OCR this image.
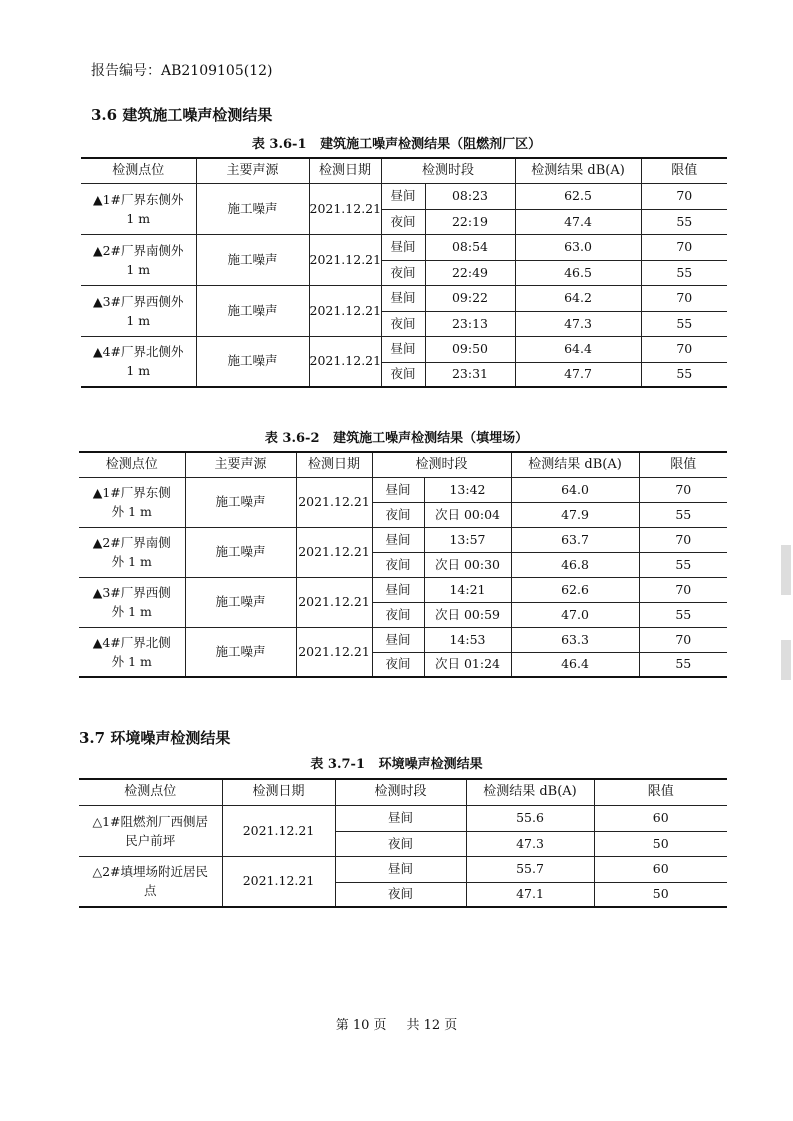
报告编号：AB2109105(12)
3.6 建筑施工噪声检测结果
表 3.6-1 建筑施工噪声检测结果（阻燃剂厂区）
检测点位	主要声源	检测日期	检测时段		检测结果 dB(A)	限值

▲1#厂界东侧外
1 m	施工噪声	2021.12.21	昼间	08:23	62.5	70
			夜间	22:19	47.4	55

▲2#厂界南侧外
1 m	施工噪声	2021.12.21	昼间	08:54	63.0	70
			夜间	22:49	46.5	55

▲3#厂界西侧外
1 m	施工噪声	2021.12.21	昼间	09:22	64.2	70
			夜间	23:13	47.3	55

▲4#厂界北侧外
1 m	施工噪声	2021.12.21	昼间	09:50	64.4	70
			夜间	23:31	47.7	55
表 3.6-2 建筑施工噪声检测结果（填埋场）
检测点位	主要声源	检测日期	检测时段		检测结果 dB(A)	限值

▲1#厂界东侧
外 1 m	施工噪声	2021.12.21	昼间	13:42	64.0	70
			夜间	次日 00:04	47.9	55

▲2#厂界南侧
外 1 m	施工噪声	2021.12.21	昼间	13:57	63.7	70
			夜间	次日 00:30	46.8	55

▲3#厂界西侧
外 1 m	施工噪声	2021.12.21	昼间	14:21	62.6	70
			夜间	次日 00:59	47.0	55

▲4#厂界北侧
外 1 m	施工噪声	2021.12.21	昼间	14:53	63.3	70
			夜间	次日 01:24	46.4	55
3.7 环境噪声检测结果
表 3.7-1 环境噪声检测结果
检测点位	检测日期	检测时段	检测结果 dB(A)	限值

△1#阻燃剂厂西侧居
民户前坪	2021.12.21	昼间	55.6	60
		夜间	47.3	50

△2#填埋场附近居民
点	2021.12.21	昼间	55.7	60
		夜间	47.1	50
第 10 页 共 12 页
